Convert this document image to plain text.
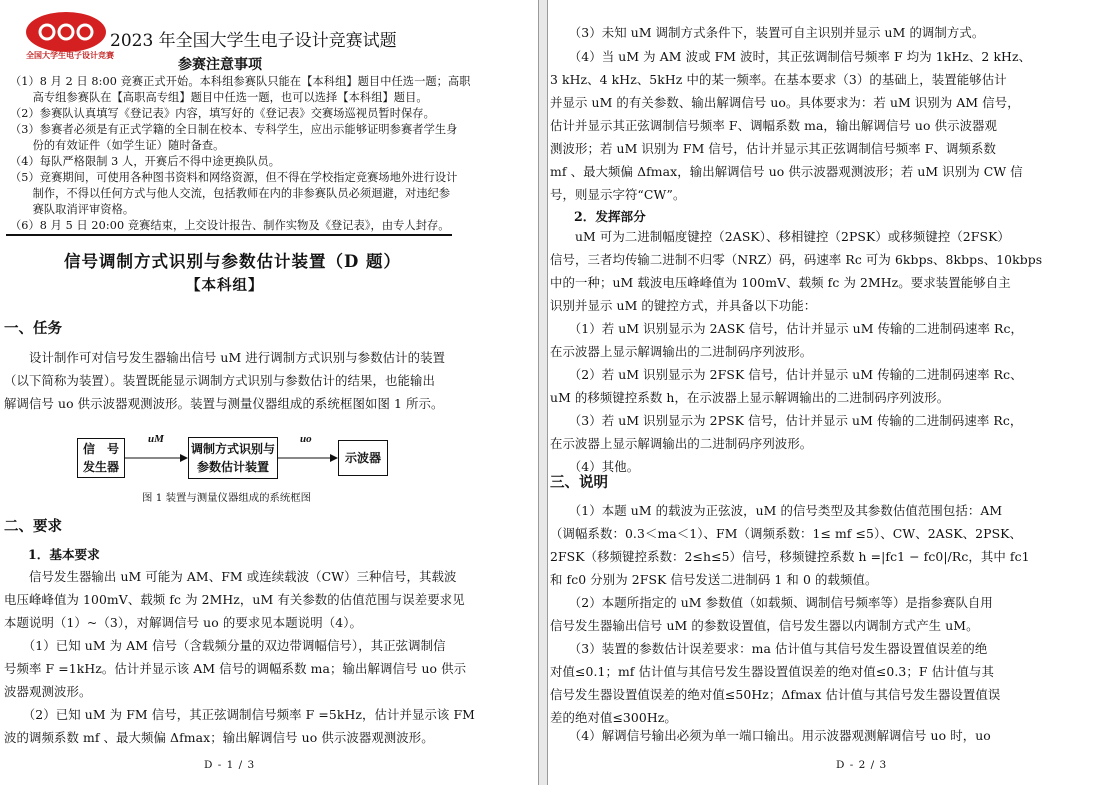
全国大学生电子设计竞赛
2023 年全国大学生电子设计竞赛试题
参赛注意事项
（1）8 月 2 日 8:00 竞赛正式开始。本科组参赛队只能在【本科组】题目中任选一题；高职
　　高专组参赛队在【高职高专组】题目中任选一题，也可以选择【本科组】题目。
（2）参赛队认真填写《登记表》内容，填写好的《登记表》交赛场巡视员暂时保存。
（3）参赛者必须是有正式学籍的全日制在校本、专科学生，应出示能够证明参赛者学生身
　　份的有效证件（如学生证）随时备查。
（4）每队严格限制 3 人，开赛后不得中途更换队员。
（5）竞赛期间，可使用各种图书资料和网络资源，但不得在学校指定竞赛场地外进行设计
　　制作，不得以任何方式与他人交流，包括教师在内的非参赛队员必须迴避，对违纪参
　　赛队取消评审资格。
（6）8 月 5 日 20:00 竞赛结束，上交设计报告、制作实物及《登记表》，由专人封存。
信号调制方式识别与参数估计装置（D 题）
【本科组】
一、任务
　　设计制作可对信号发生器输出信号 uM 进行调制方式识别与参数估计的装置
（以下简称为装置）。装置既能显示调制方式识别与参数估计的结果，也能输出
解调信号 uo 供示波器观测波形。装置与测量仪器组成的系统框图如图 1 所示。
信　号
发生器
调制方式识别与
参数估计装置
示波器
uM	uo
图 1 装置与测量仪器组成的系统框图
二、要求
1．基本要求
　　信号发生器输出 uM 可能为 AM、FM 或连续载波（CW）三种信号，其载波
电压峰峰值为 100mV、载频 fc 为 2MHz，uM 有关参数的估值范围与误差要求见
本题说明（1）~（3），对解调信号 uo 的要求见本题说明（4）。
　　（1）已知 uM 为 AM 信号（含载频分量的双边带调幅信号），其正弦调制信
号频率 F =1kHz。估计并显示该 AM 信号的调幅系数 ma；输出解调信号 uo 供示
波器观测波形。
　　（2）已知 uM 为 FM 信号，其正弦调制信号频率 F =5kHz，估计并显示该 FM
波的调频系数 mf 、最大频偏 Δfmax；输出解调信号 uo 供示波器观测波形。
D - 1 / 3
　　（3）未知 uM 调制方式条件下，装置可自主识别并显示 uM 的调制方式。
　　（4）当 uM 为 AM 波或 FM 波时，其正弦调制信号频率 F 均为 1kHz、2 kHz、
3 kHz、4 kHz、5kHz 中的某一频率。在基本要求（3）的基础上，装置能够估计
并显示 uM 的有关参数、输出解调信号 uo。具体要求为：若 uM 识别为 AM 信号，
估计并显示其正弦调制信号频率 F、调幅系数 ma，输出解调信号 uo 供示波器观
测波形；若 uM 识别为 FM 信号，估计并显示其正弦调制信号频率 F、调频系数
mf 、最大频偏 Δfmax，输出解调信号 uo 供示波器观测波形；若 uM 识别为 CW 信
号，则显示字符“CW”。
2．发挥部分
　　uM 可为二进制幅度键控（2ASK）、移相键控（2PSK）或移频键控（2FSK）
信号，三者均传输二进制不归零（NRZ）码，码速率 Rc 可为 6kbps、8kbps、10kbps
中的一种；uM 载波电压峰峰值为 100mV、载频 fc 为 2MHz。要求装置能够自主
识别并显示 uM 的键控方式，并具备以下功能：
　　（1）若 uM 识别显示为 2ASK 信号，估计并显示 uM 传输的二进制码速率 Rc，
在示波器上显示解调输出的二进制码序列波形。
　　（2）若 uM 识别显示为 2FSK 信号，估计并显示 uM 传输的二进制码速率 Rc、
uM 的移频键控系数 h，在示波器上显示解调输出的二进制码序列波形。
　　（3）若 uM 识别显示为 2PSK 信号，估计并显示 uM 传输的二进制码速率 Rc，
在示波器上显示解调输出的二进制码序列波形。
　　（4）其他。
三、说明
　　（1）本题 uM 的载波为正弦波，uM 的信号类型及其参数估值范围包括：AM
（调幅系数：0.3＜ma＜1）、FM（调频系数：1≤ mf ≤5）、CW、2ASK、2PSK、
2FSK（移频键控系数：2≤h≤5）信号，移频键控系数 h =|fc1 − fc0|/Rc，其中 fc1
和 fc0 分别为 2FSK 信号发送二进制码 1 和 0 的载频值。
　　（2）本题所指定的 uM 参数值（如载频、调制信号频率等）是指参赛队自用
信号发生器输出信号 uM 的参数设置值，信号发生器以内调制方式产生 uM。
　　（3）装置的参数估计误差要求：ma 估计值与其信号发生器设置值误差的绝
对值≤0.1；mf 估计值与其信号发生器设置值误差的绝对值≤0.3；F 估计值与其
信号发生器设置值误差的绝对值≤50Hz；Δfmax 估计值与其信号发生器设置值误
差的绝对值≤300Hz。
　　（4）解调信号输出必须为单一端口输出。用示波器观测解调信号 uo 时，uo
D - 2 / 3
